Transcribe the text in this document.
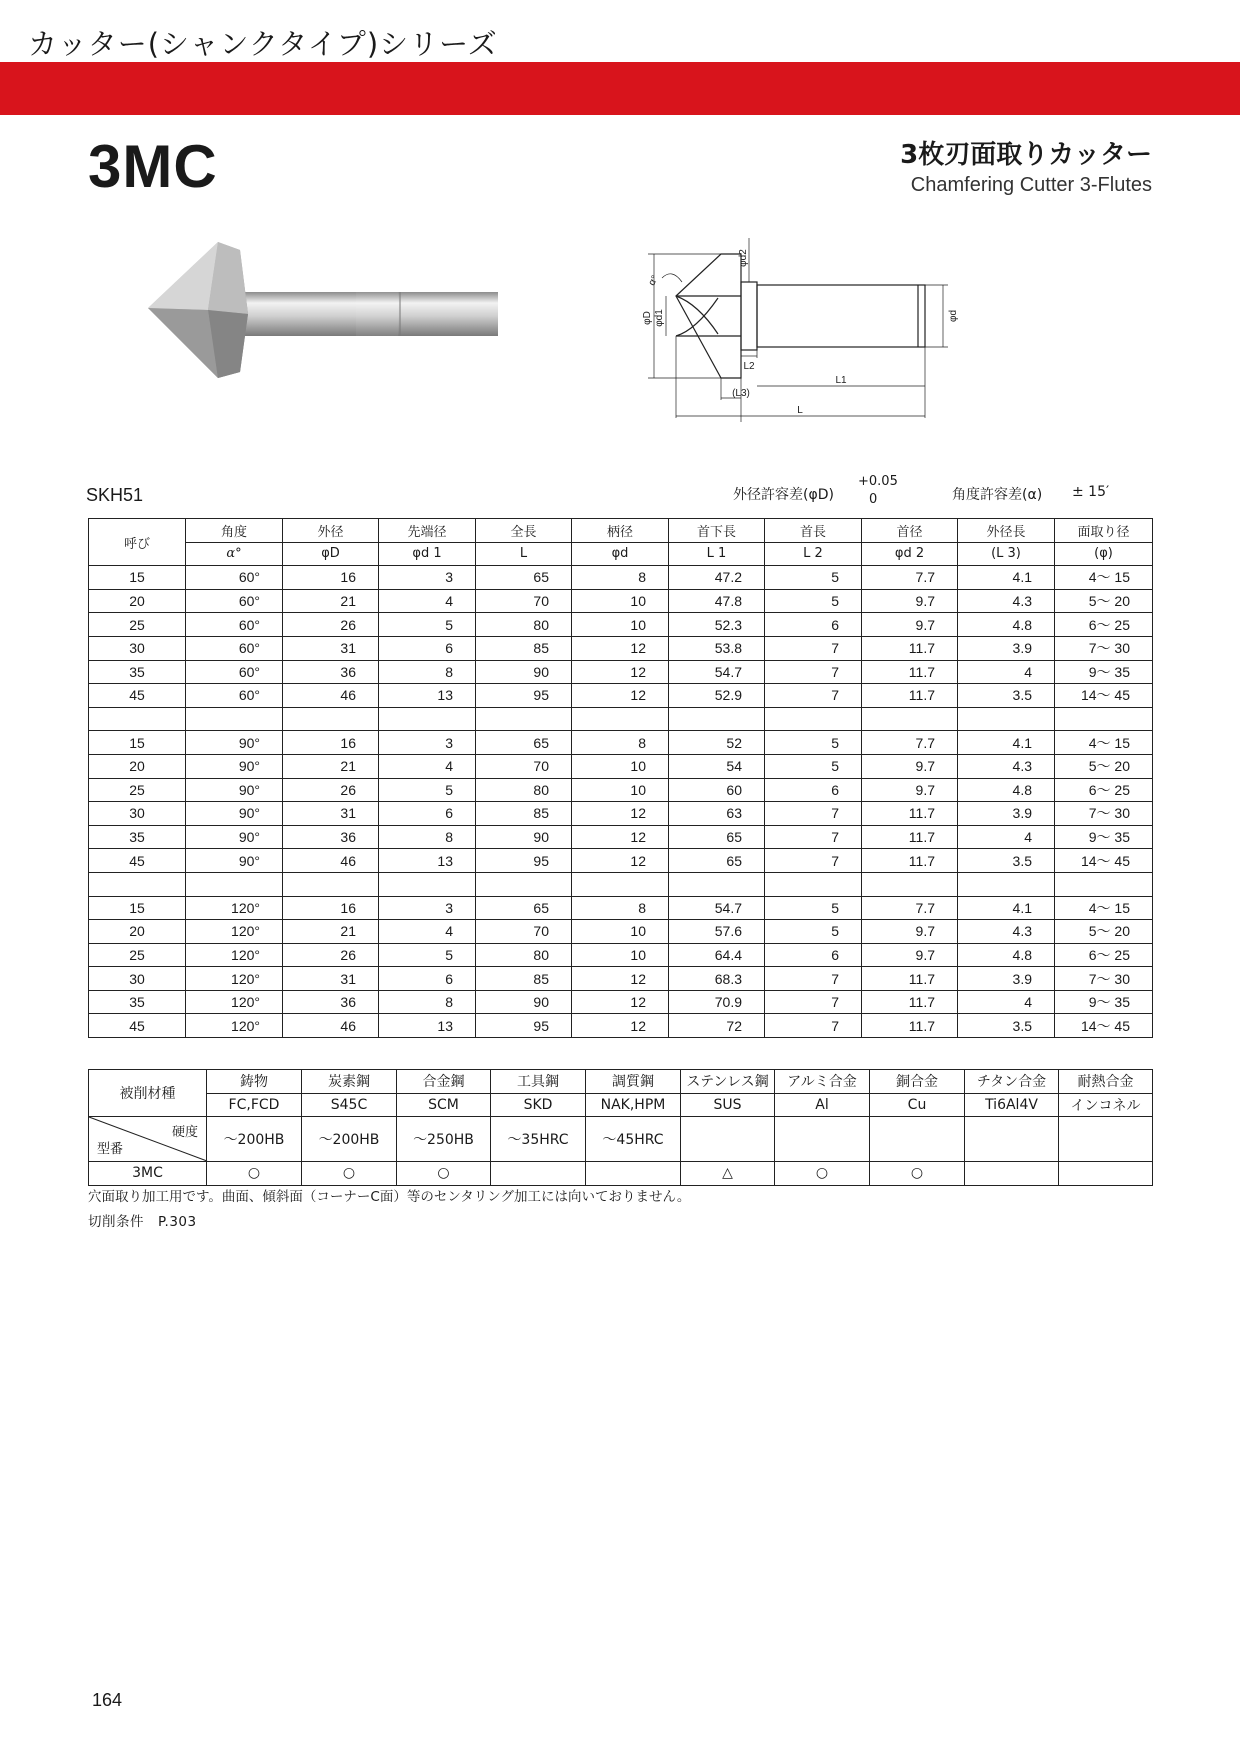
カッター(シャンクタイプ)シリーズ
3MC	3枚刃面取りカッター
Chamfering Cutter 3-Flutes
φD φd1
α°
φd2
φd
L2
L1
(L3)
L
SKH51	外径許容差(φD)
+0.05
0	角度許容差(α) ± 15′
呼び	角度	外径	先端径	全長	柄径	首下長	首長	首径	外径長	面取り径
	α°	φD	φd 1	L	φd	L 1	L 2	φd 2	(L 3)	(φ)
15	60°	16	3	65	8	47.2	5	7.7	4.1	4～ 15
20	60°	21	4	70	10	47.8	5	9.7	4.3	5～ 20
25	60°	26	5	80	10	52.3	6	9.7	4.8	6～ 25
30	60°	31	6	85	12	53.8	7	11.7	3.9	7～ 30
35	60°	36	8	90	12	54.7	7	11.7	4	9～ 35
45	60°	46	13	95	12	52.9	7	11.7	3.5	14～ 45

15	90°	16	3	65	8	52	5	7.7	4.1	4～ 15
20	90°	21	4	70	10	54	5	9.7	4.3	5～ 20
25	90°	26	5	80	10	60	6	9.7	4.8	6～ 25
30	90°	31	6	85	12	63	7	11.7	3.9	7～ 30
35	90°	36	8	90	12	65	7	11.7	4	9～ 35
45	90°	46	13	95	12	65	7	11.7	3.5	14～ 45

15	120°	16	3	65	8	54.7	5	7.7	4.1	4～ 15
20	120°	21	4	70	10	57.6	5	9.7	4.3	5～ 20
25	120°	26	5	80	10	64.4	6	9.7	4.8	6～ 25
30	120°	31	6	85	12	68.3	7	11.7	3.9	7～ 30
35	120°	36	8	90	12	70.9	7	11.7	4	9～ 35
45	120°	46	13	95	12	72	7	11.7	3.5	14～ 45
被削材種	鋳物	炭素鋼	合金鋼	工具鋼	調質鋼	ステンレス鋼	アルミ合金	銅合金	チタン合金	耐熱合金
	FC,FCD	S45C	SCM	SKD	NAK,HPM	SUS	Al	Cu	Ti6Al4V	インコネル

硬度
型番	～200HB	～200HB	～250HB	～35HRC	～45HRC					
3MC	○	○	○			△	○	○		
穴面取り加工用です。曲面、傾斜面（コーナーC面）等のセンタリング加工には向いておりません。
切削条件　P.303
164
